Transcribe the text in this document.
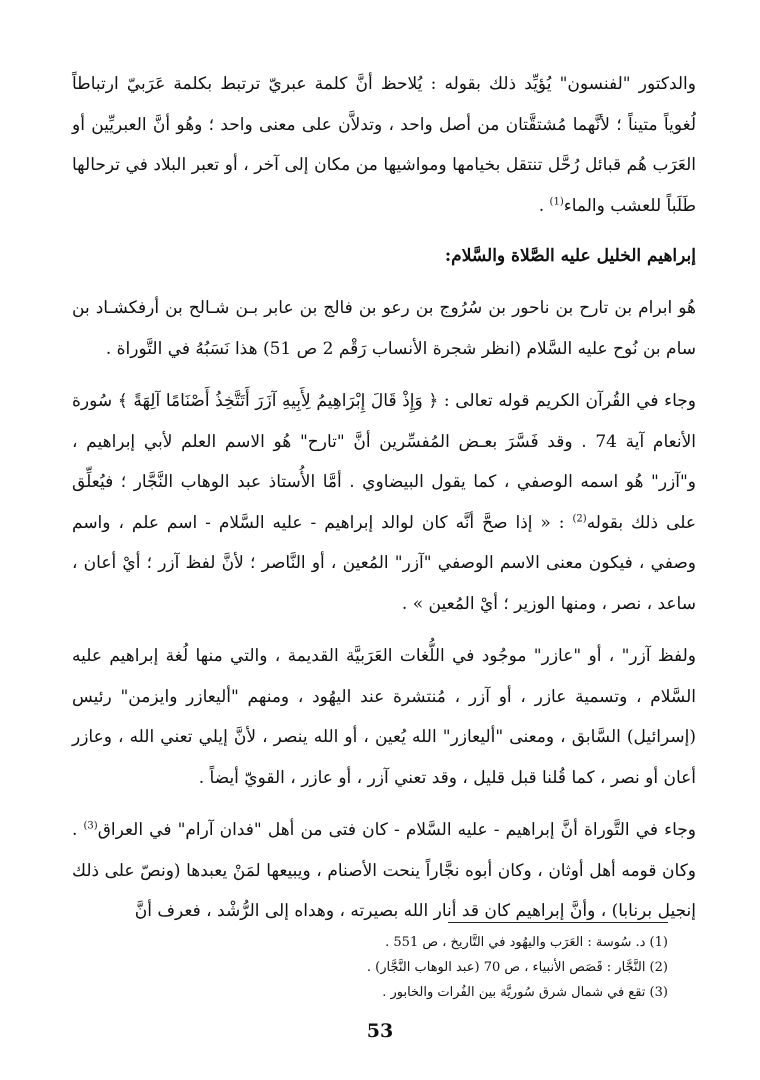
والدكتور "لفنسون" يُؤيِّد ذلك بقوله : يُلاحظ أنَّ كلمة عبريّ ترتبط بكلمة عَرَبيّ ارتباطاً لُغوياً متيناً ؛ لأنَّهما مُشتقَّتان من أصل واحد ، وتدلاَّن على معنى واحد ؛ وهُو أنَّ العبريِّين أو العَرَب هُم قبائل رُحَّل تنتقل بخيامها ومواشيها من مكان إلى آخر ، أو تعبر البلاد في ترحالها طَلَباً للعشب والماء$^{(1)}$ .

إبراهيم الخليل عليه الصَّلاة والسَّلام:

هُو ابرام بن تارح بن ناحور بن سُرُوج بن رعو بن فالج بن عابر بـن شـالح بن أرفكشـاد بن سام بن نُوح عليه السَّلام (انظر شجرة الأنساب رَقْم 2 ص 51) هذا نَسَبُهُ في التَّوراة .

وجاء في القُرآن الكريم قوله تعالى : ﴿ وَإِذْ قَالَ إِبْرَاهِيمُ لِأَبِيهِ آزَرَ أَتَتَّخِذُ أَصْنَامًا آلِهَةً ﴾ سُورة الأنعام آية 74 . وقد فَسَّرَ بعـض المُفسِّرين أنَّ "تارح" هُو الاسم العلم لأبي إبراهيم ، و"آزر" هُو اسمه الوصفي ، كما يقول البيضاوي . أمَّا الأُستاذ عبد الوهاب النَّجَّار ؛ فيُعلِّق على ذلك بقوله$^{(2)}$ : « إذا صحَّ أنَّه كان لوالد إبراهيم - عليه السَّلام - اسم علم ، واسم وصفي ، فيكون معنى الاسم الوصفي "آزر" المُعين ، أو النَّاصر ؛ لأنَّ لفظ آزر ؛ أيْ أعان ، ساعد ، نصر ، ومنها الوزير ؛ أيْ المُعين » .

ولفظ آزر" ، أو "عازر" موجُود في اللُّغات العَرَبيَّة القديمة ، والتي منها لُغة إبراهيم عليه السَّلام ، وتسمية عازر ، أو آزر ، مُنتشرة عند اليهُود ، ومنهم "أليعازر وايزمن" رئيس (إسرائيل) السَّابق ، ومعنى "أليعازر" الله يُعين ، أو الله ينصر ، لأنَّ إيلي تعني الله ، وعازر أعان أو نصر ، كما قُلنا قبل قليل ، وقد تعني آزر ، أو عازر ، القويّ أيضاً .

وجاء في التَّوراة أنَّ إبراهيم - عليه السَّلام - كان فتى من أهل "فدان آرام" في العراق$^{(3)}$ . وكان قومه أهل أوثان ، وكان أبوه نجَّاراً ينحت الأصنام ، ويبيعها لمَنْ يعبدها (ونصّ على ذلك إنجيل برنابا) ، وأنَّ إبراهيم كان قد أنار الله بصيرته ، وهداه إلى الرُّشْد ، فعرف أنَّ

(1) د. سُوسة : العَرَب واليهُود في التَّاريخ ، ص 551 .
(2) النَّجَّار : قَصَص الأنبياء ، ص 70 (عبد الوهاب النَّجَّار) .
(3) تقع في شمال شرق سُوريَّة بين الفُرات والخابور .
53
